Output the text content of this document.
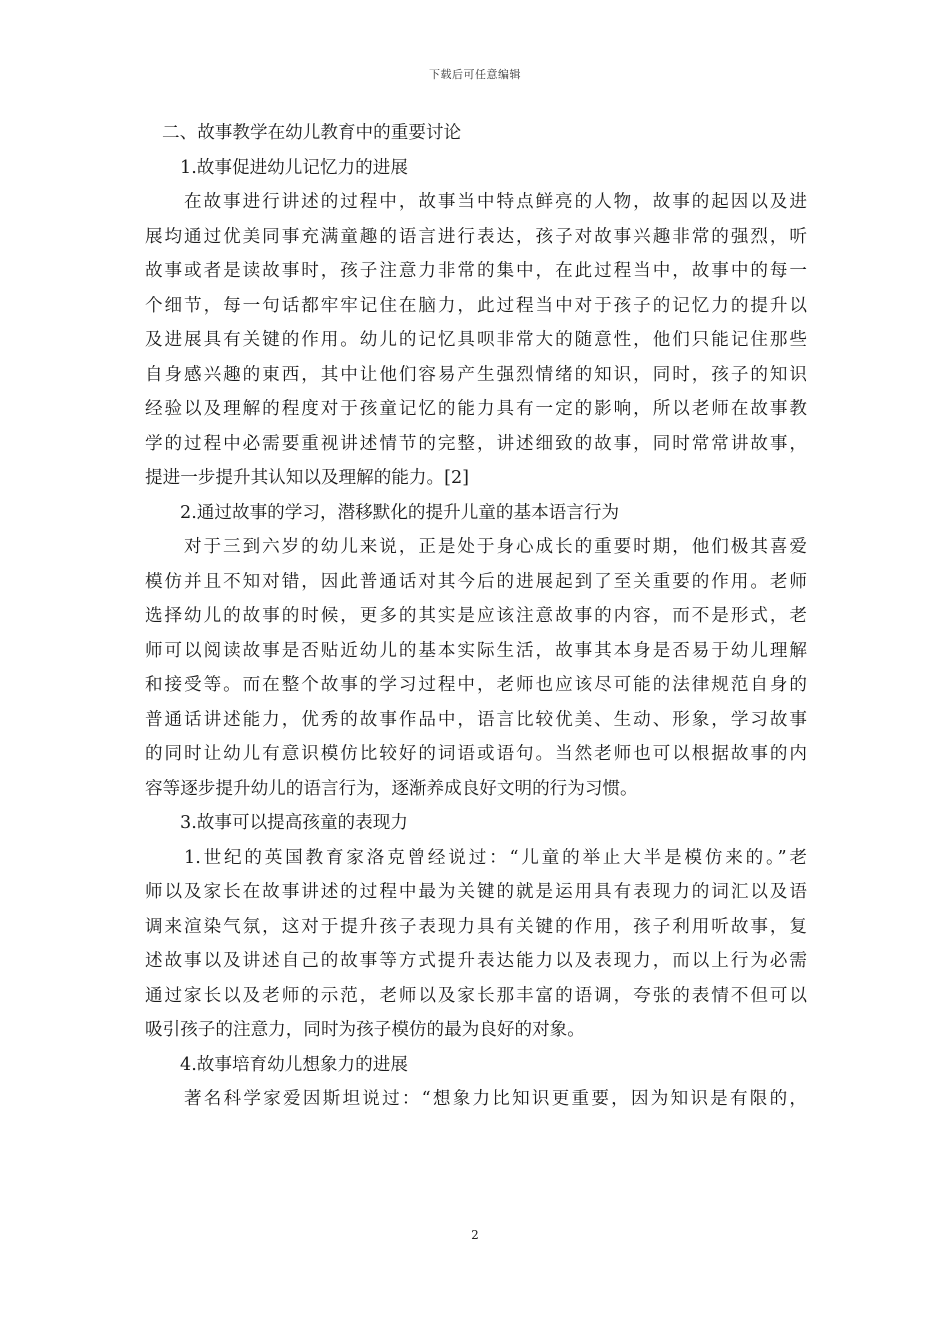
下载后可任意编辑
二、故事教学在幼儿教育中的重要讨论
1.故事促进幼儿记忆力的进展
在故事进行讲述的过程中，故事当中特点鲜亮的人物，故事的起因以及进
展均通过优美同事充满童趣的语言进行表达，孩子对故事兴趣非常的强烈，听
故事或者是读故事时，孩子注意力非常的集中，在此过程当中，故事中的每一
个细节，每一句话都牢牢记住在脑力，此过程当中对于孩子的记忆力的提升以
及进展具有关键的作用。幼儿的记忆具呗非常大的随意性，他们只能记住那些
自身感兴趣的東西，其中让他们容易产生强烈情绪的知识，同时，孩子的知识
经验以及理解的程度对于孩童记忆的能力具有一定的影响，所以老师在故事教
学的过程中必需要重视讲述情节的完整，讲述细致的故事，同时常常讲故事，
提进一步提升其认知以及理解的能力。[2]
2.通过故事的学习，潜移默化的提升儿童的基本语言行为
对于三到六岁的幼儿来说，正是处于身心成长的重要时期，他们极其喜爱
模仿并且不知对错，因此普通话对其今后的进展起到了至关重要的作用。老师
选择幼儿的故事的时候，更多的其实是应该注意故事的内容，而不是形式，老
师可以阅读故事是否贴近幼儿的基本实际生活，故事其本身是否易于幼儿理解
和接受等。而在整个故事的学习过程中，老师也应该尽可能的法律规范自身的
普通话讲述能力，优秀的故事作品中，语言比较优美、生动、形象，学习故事
的同时让幼儿有意识模仿比较好的词语或语句。当然老师也可以根据故事的内
容等逐步提升幼儿的语言行为，逐渐养成良好文明的行为习惯。
3.故事可以提高孩童的表现力
1.世纪的英国教育家洛克曾经说过：“儿童的举止大半是模仿来的。”老
师以及家长在故事讲述的过程中最为关键的就是运用具有表现力的词汇以及语
调来渲染气氛，这对于提升孩子表现力具有关键的作用，孩子利用听故事，复
述故事以及讲述自己的故事等方式提升表达能力以及表现力，而以上行为必需
通过家长以及老师的示范，老师以及家长那丰富的语调，夸张的表情不但可以
吸引孩子的注意力，同时为孩子模仿的最为良好的对象。
4.故事培育幼儿想象力的进展
著名科学家爱因斯坦说过：“想象力比知识更重要，因为知识是有限的，
2
